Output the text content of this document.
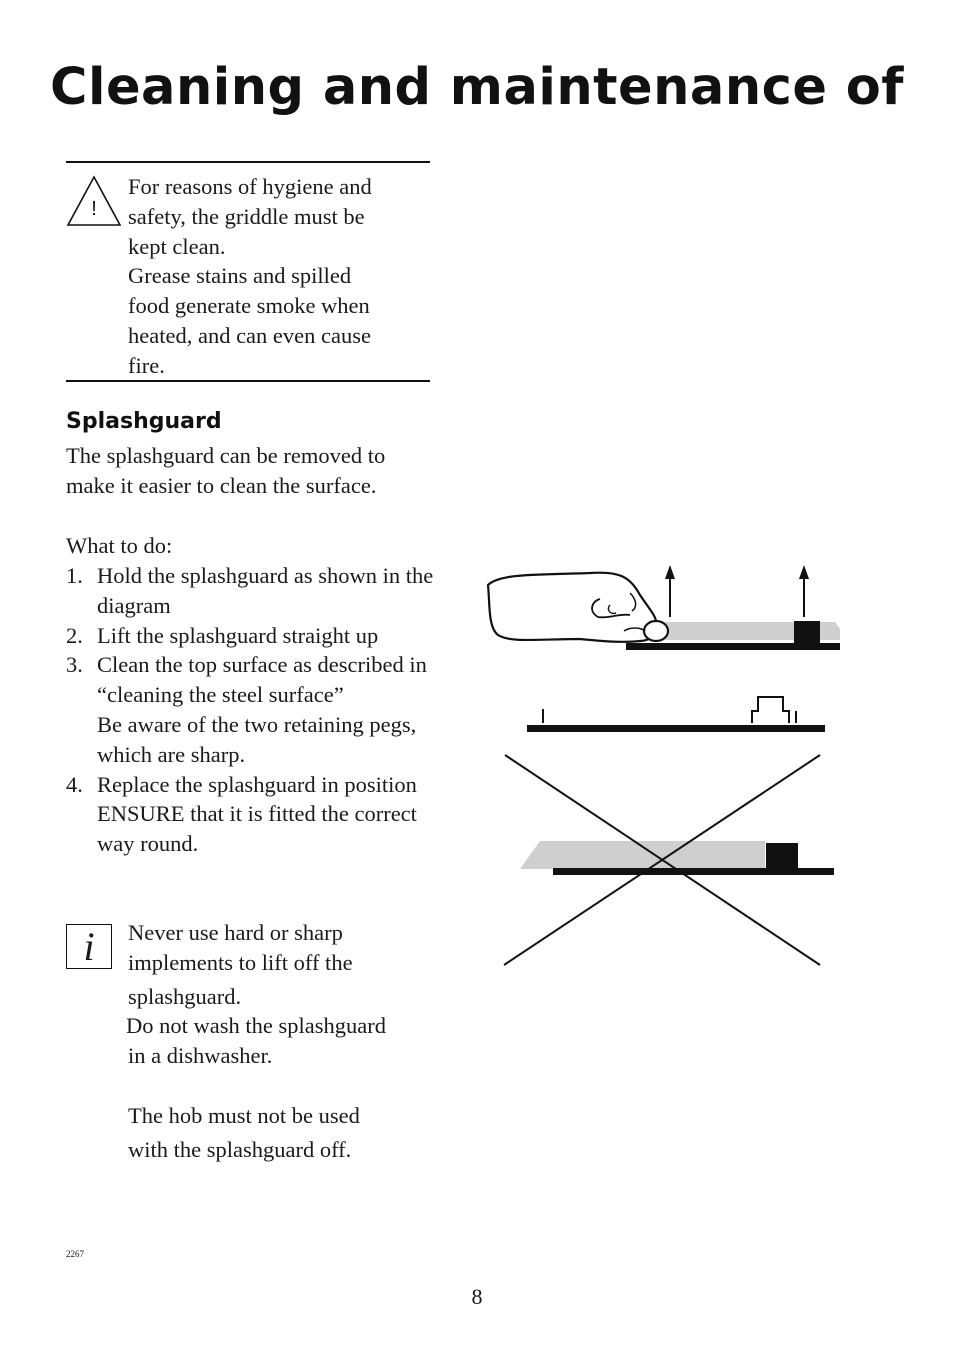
Cleaning and maintenance of
!

For reasons of hygiene and

safety, the griddle must be

kept clean.

Grease stains and spilled

food generate smoke when

heated, and can even cause

fire.

Splashguard

The splashguard can be removed to make it easier to clean the surface.

What to do:

1. Hold the splashguard as shown in the diagram
2. Lift the splashguard straight up
3. Clean the top surface as described in “cleaning the steel surface”
Be aware of the two retaining pegs, which are sharp.
4. Replace the splashguard in position ENSURE that it is fitted the correct way round.
i	Never use hard or sharp

implements to lift off the

splashguard.

Do not wash the splashguard

in a dishwasher.

The hob must not be used

with the splashguard off.

2267
8
